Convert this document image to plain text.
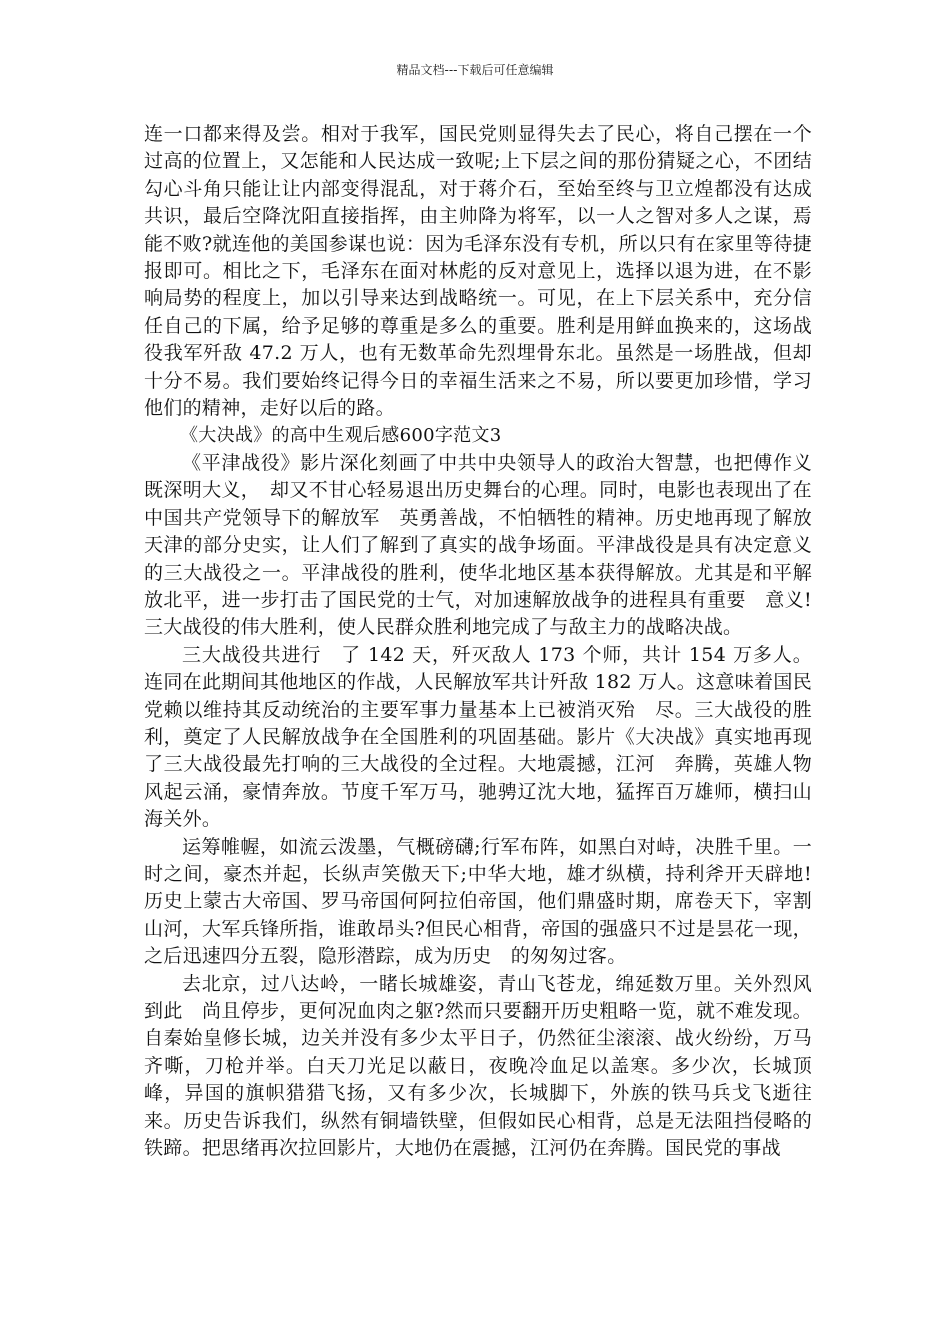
精品文档---下载后可任意编辑

连一口都来得及尝。相对于我军，国民党则显得失去了民心，将自己摆在一个过高的位置上，又怎能和人民达成一致呢;上下层之间的那份猜疑之心，不团结勾心斗角只能让让内部变得混乱，对于蒋介石，至始至终与卫立煌都没有达成共识，最后空降沈阳直接指挥，由主帅降为将军，以一人之智对多人之谋，焉能不败?就连他的美国参谋也说：因为毛泽东没有专机，所以只有在家里等待捷报即可。相比之下，毛泽东在面对林彪的反对意见上，选择以退为进，在不影响局势的程度上，加以引导来达到战略统一。可见，在上下层关系中，充分信任自己的下属，给予足够的尊重是多么的重要。胜利是用鲜血换来的，这场战役我军歼敌 47.2 万人，也有无数革命先烈埋骨东北。虽然是一场胜战，但却十分不易。我们要始终记得今日的幸福生活来之不易，所以要更加珍惜，学习他们的精神，走好以后的路。

《大决战》的高中生观后感600字范文3

《平津战役》影片深化刻画了中共中央领导人的政治大智慧，也把傅作义既深明大义，　却又不甘心轻易退出历史舞台的心理。同时，电影也表现出了在中国共产党领导下的解放军　英勇善战，不怕牺牲的精神。历史地再现了解放天津的部分史实，让人们了解到了真实的战争场面。平津战役是具有决定意义的三大战役之一。平津战役的胜利，使华北地区基本获得解放。尤其是和平解放北平，进一步打击了国民党的士气，对加速解放战争的进程具有重要　意义! 三大战役的伟大胜利，使人民群众胜利地完成了与敌主力的战略决战。

三大战役共进行　了 142 天，歼灭敌人 173 个师，共计 154 万多人。连同在此期间其他地区的作战，人民解放军共计歼敌 182 万人。这意味着国民党赖以维持其反动统治的主要军事力量基本上已被消灭殆　尽。三大战役的胜利，奠定了人民解放战争在全国胜利的巩固基础。影片《大决战》真实地再现了三大战役最先打响的三大战役的全过程。大地震撼，江河　奔腾，英雄人物风起云涌，豪情奔放。节度千军万马，驰骋辽沈大地，猛挥百万雄师，横扫山海关外。

运筹帷幄，如流云泼墨，气概磅礴;行军布阵，如黑白对峙，决胜千里。一时之间，豪杰并起，长纵声笑傲天下;中华大地，雄才纵横，持利斧开天辟地!历史上蒙古大帝国、罗马帝国何阿拉伯帝国，他们鼎盛时期，席卷天下，宰割山河，大军兵锋所指，谁敢昂头?但民心相背，帝国的强盛只不过是昙花一现，之后迅速四分五裂，隐形潜踪，成为历史　的匆匆过客。

去北京，过八达岭，一睹长城雄姿，青山飞苍龙，绵延数万里。关外烈风到此　尚且停步，更何况血肉之躯?然而只要翻开历史粗略一览，就不难发现。自秦始皇修长城，边关并没有多少太平日子，仍然征尘滚滚、战火纷纷，万马齐嘶，刀枪并举。白天刀光足以蔽日，夜晚冷血足以盖寒。多少次，长城顶峰，异国的旗帜猎猎飞扬，又有多少次，长城脚下，外族的铁马兵戈飞逝往来。历史告诉我们，纵然有铜墙铁壁，但假如民心相背，总是无法阻挡侵略的铁蹄。把思绪再次拉回影片，大地仍在震撼，江河仍在奔腾。国民党的事战
